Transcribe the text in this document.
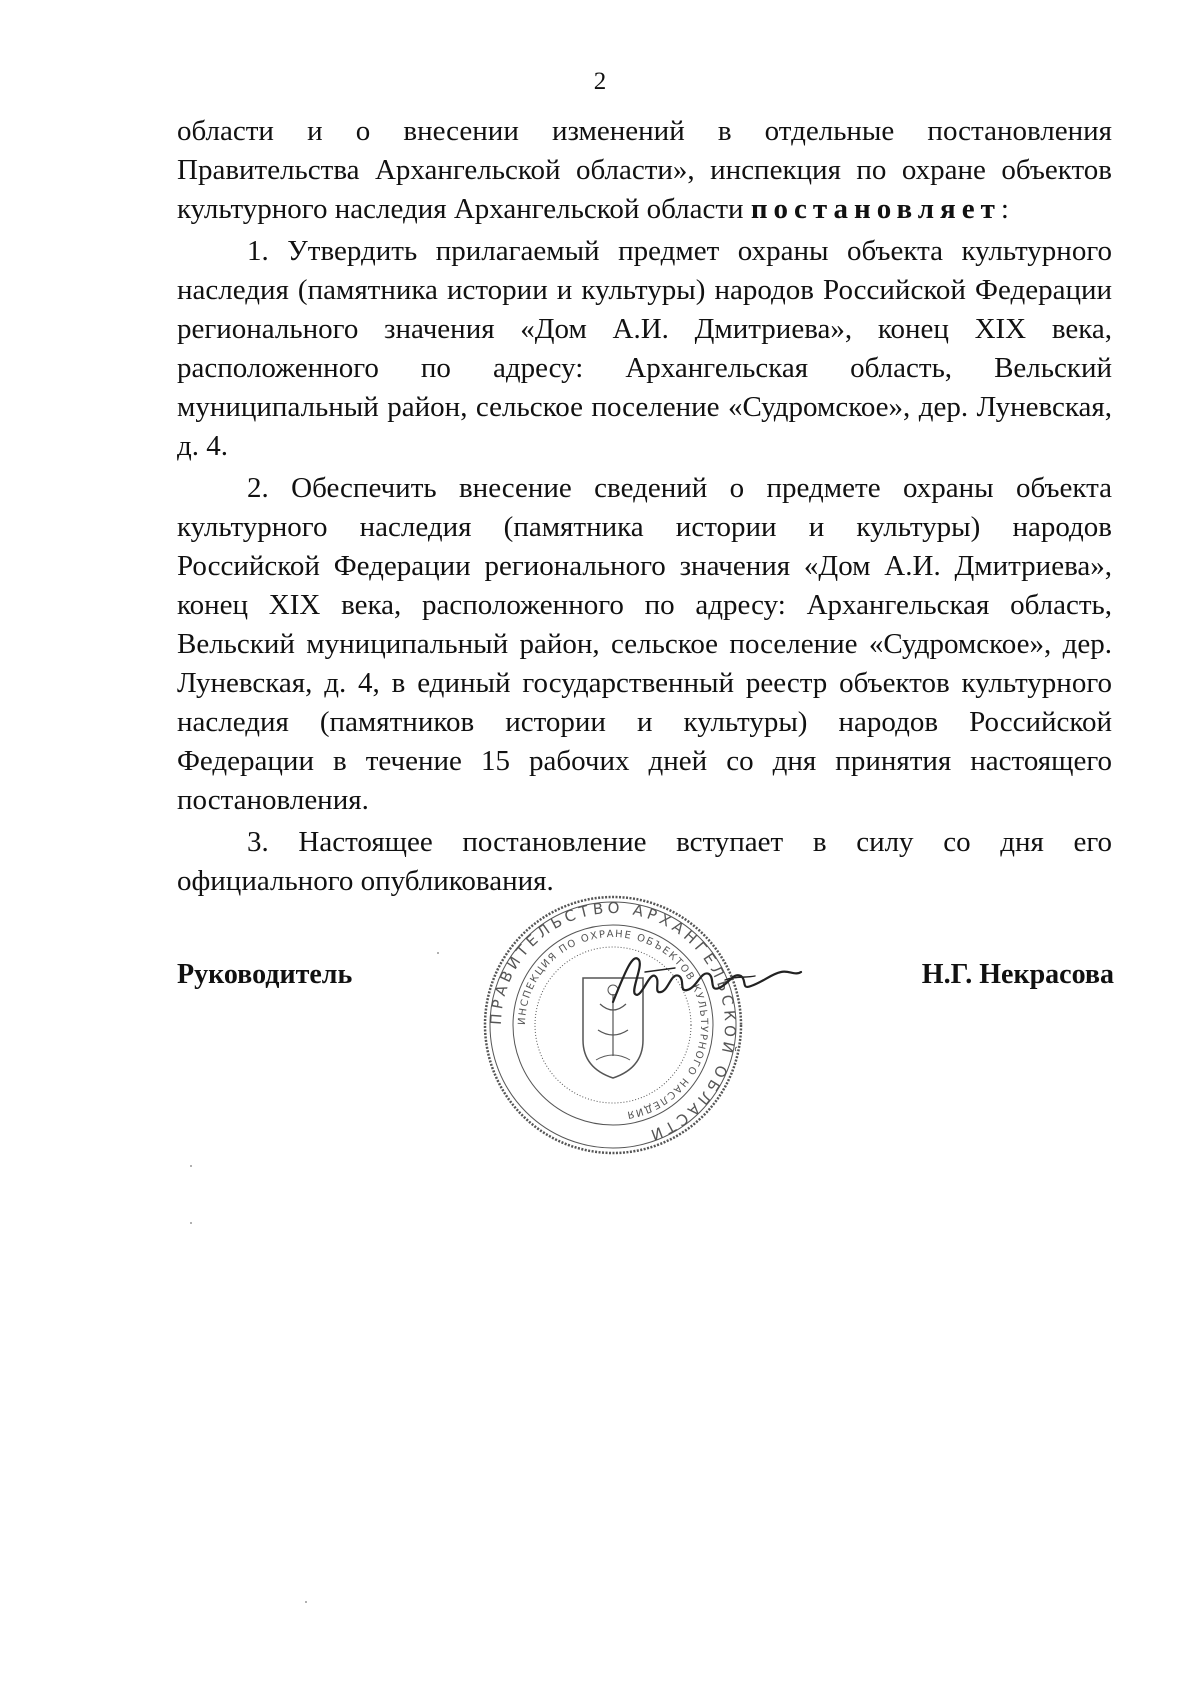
2

области и о внесении изменений в отдельные постановления Правительства Архангельской области», инспекция по охране объектов культурного наследия Архангельской области постановляет:

1. Утвердить прилагаемый предмет охраны объекта культурного наследия (памятника истории и культуры) народов Российской Федерации регионального значения «Дом А.И. Дмитриева», конец XIX века, расположенного по адресу: Архангельская область, Вельский муниципальный район, сельское поселение «Судромское», дер. Луневская, д. 4.

2. Обеспечить внесение сведений о предмете охраны объекта культурного наследия (памятника истории и культуры) народов Российской Федерации регионального значения «Дом А.И. Дмитриева», конец XIX века, расположенного по адресу: Архангельская область, Вельский муниципальный район, сельское поселение «Судромское», дер. Луневская, д. 4, в единый государственный реестр объектов культурного наследия (памятников истории и культуры) народов Российской Федерации в течение 15 рабочих дней со дня принятия настоящего постановления.

3. Настоящее постановление вступает в силу со дня его официального опубликования.

Руководитель	Н.Г. Некрасова
ПРАВИТЕЛЬСТВО АРХАНГЕЛЬСКОЙ ОБЛАСТИ
ИНСПЕКЦИЯ ПО ОХРАНЕ ОБЪЕКТОВ КУЛЬТУРНОГО НАСЛЕДИЯ
